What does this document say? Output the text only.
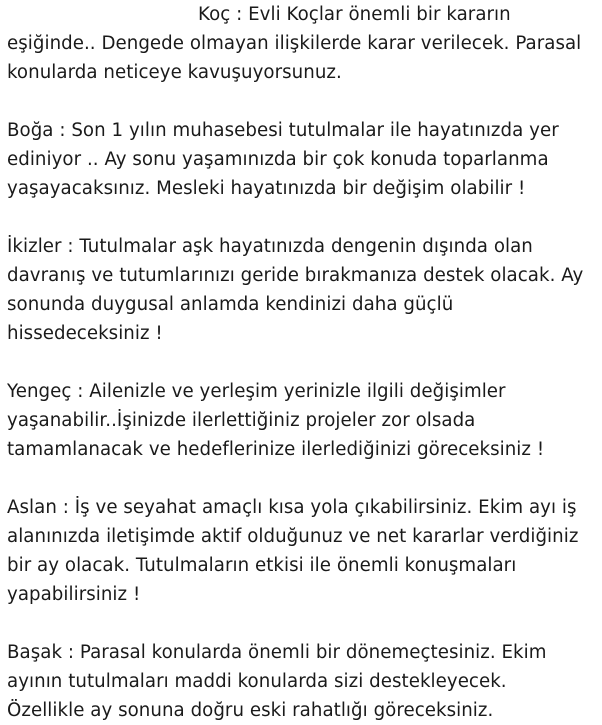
Koç : Evli Koçlar önemli bir kararın
eşiğinde.. Dengede olmayan ilişkilerde karar verilecek. Parasal
konularda neticeye kavuşuyorsunuz.
Boğa : Son 1 yılın muhasebesi tutulmalar ile hayatınızda yer
ediniyor .. Ay sonu yaşamınızda bir çok konuda toparlanma
yaşayacaksınız. Mesleki hayatınızda bir değişim olabilir !
İkizler : Tutulmalar aşk hayatınızda dengenin dışında olan
davranış ve tutumlarınızı geride bırakmanıza destek olacak. Ay
sonunda duygusal anlamda kendinizi daha güçlü
hissedeceksiniz !
Yengeç : Ailenizle ve yerleşim yerinizle ilgili değişimler
yaşanabilir..İşinizde ilerlettiğiniz projeler zor olsada
tamamlanacak ve hedeflerinize ilerlediğinizi göreceksiniz !
Aslan : İş ve seyahat amaçlı kısa yola çıkabilirsiniz. Ekim ayı iş
alanınızda iletişimde aktif olduğunuz ve net kararlar verdiğiniz
bir ay olacak. Tutulmaların etkisi ile önemli konuşmaları
yapabilirsiniz !
Başak : Parasal konularda önemli bir dönemeçtesiniz. Ekim
ayının tutulmaları maddi konularda sizi destekleyecek.
Özellikle ay sonuna doğru eski rahatlığı göreceksiniz.
